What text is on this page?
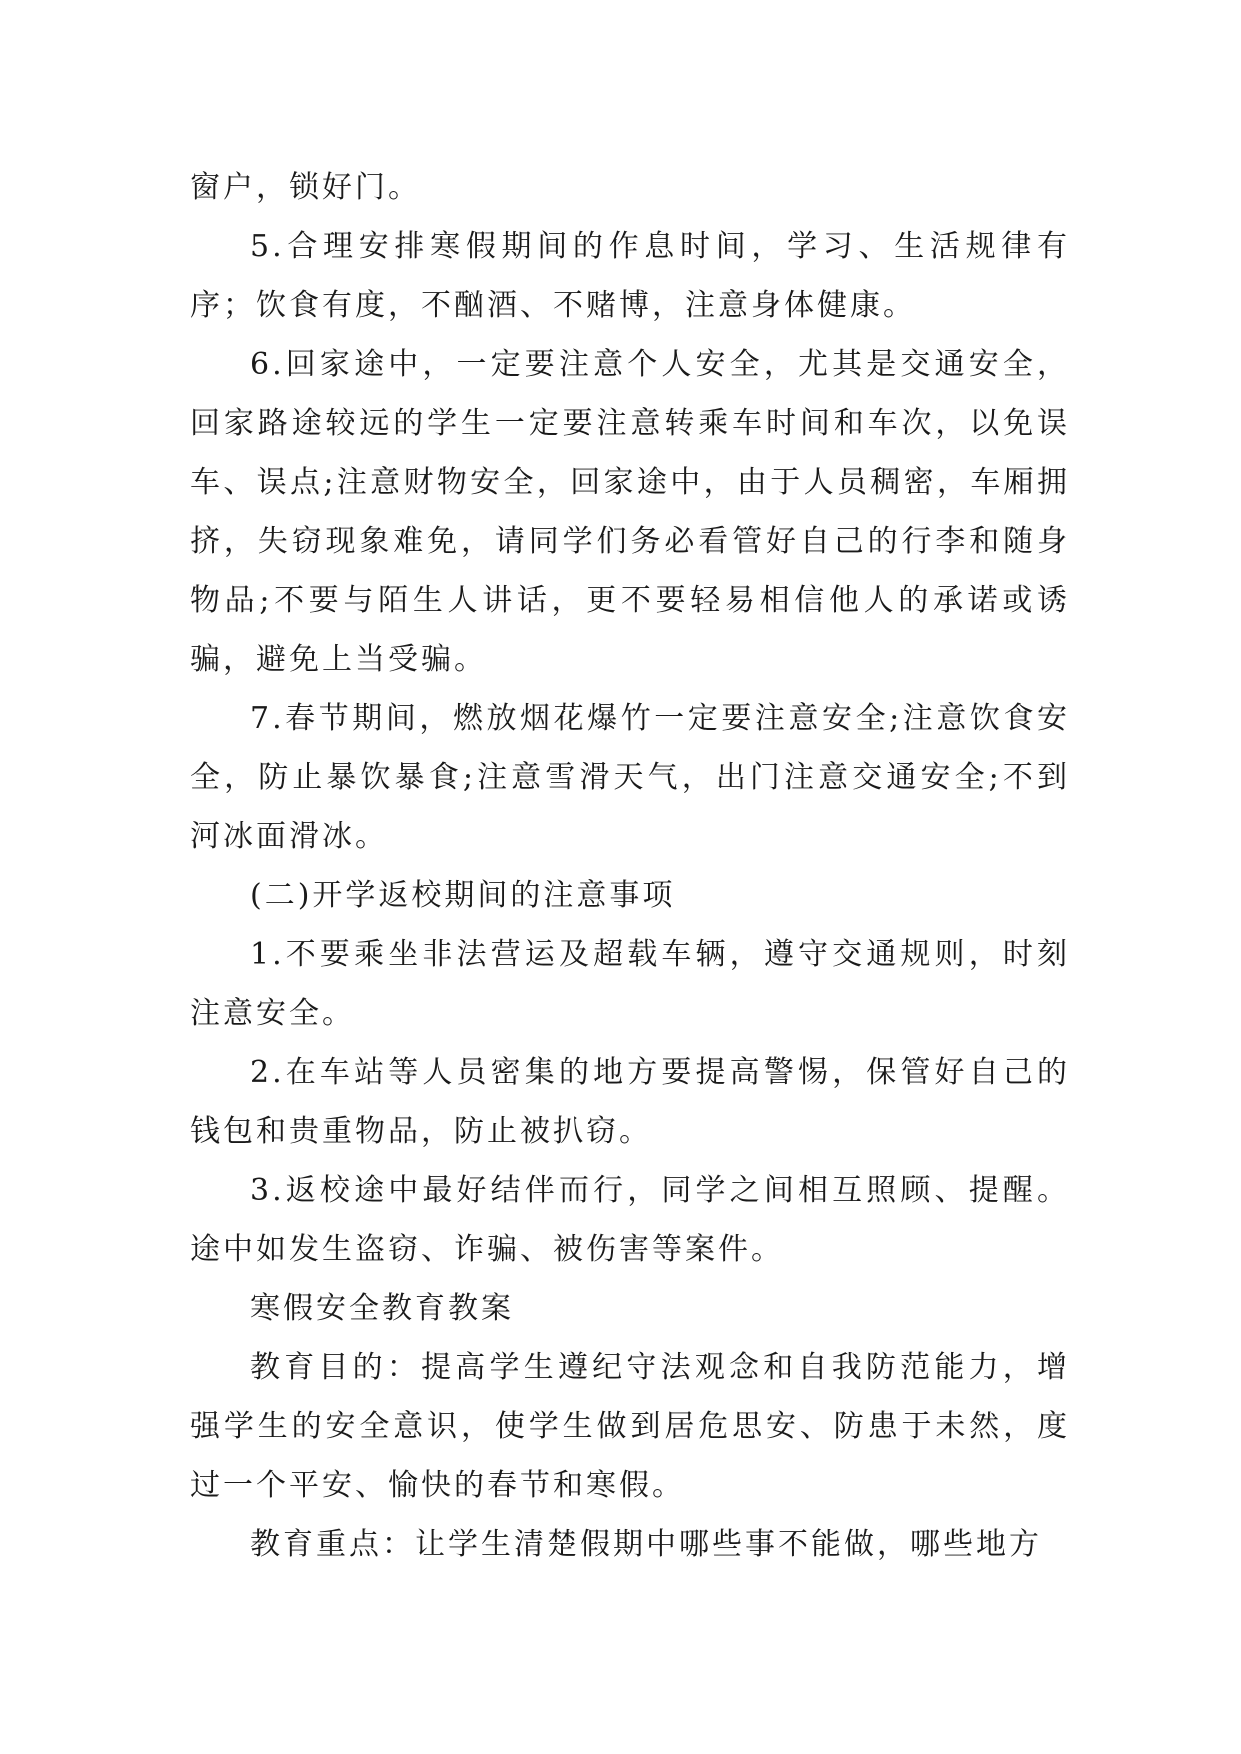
窗户，锁好门。

5.合理安排寒假期间的作息时间，学习、生活规律有序；饮食有度，不酗酒、不赌博，注意身体健康。

6.回家途中，一定要注意个人安全，尤其是交通安全，回家路途较远的学生一定要注意转乘车时间和车次，以免误车、误点;注意财物安全，回家途中，由于人员稠密，车厢拥挤，失窃现象难免，请同学们务必看管好自己的行李和随身物品;不要与陌生人讲话，更不要轻易相信他人的承诺或诱骗，避免上当受骗。

7.春节期间，燃放烟花爆竹一定要注意安全;注意饮食安全，防止暴饮暴食;注意雪滑天气，出门注意交通安全;不到河冰面滑冰。

(二)开学返校期间的注意事项

1.不要乘坐非法营运及超载车辆，遵守交通规则，时刻注意安全。

2.在车站等人员密集的地方要提高警惕，保管好自己的钱包和贵重物品，防止被扒窃。

3.返校途中最好结伴而行，同学之间相互照顾、提醒。途中如发生盗窃、诈骗、被伤害等案件。

寒假安全教育教案

教育目的：提高学生遵纪守法观念和自我防范能力，增强学生的安全意识，使学生做到居危思安、防患于未然，度过一个平安、愉快的春节和寒假。

教育重点：让学生清楚假期中哪些事不能做，哪些地方
